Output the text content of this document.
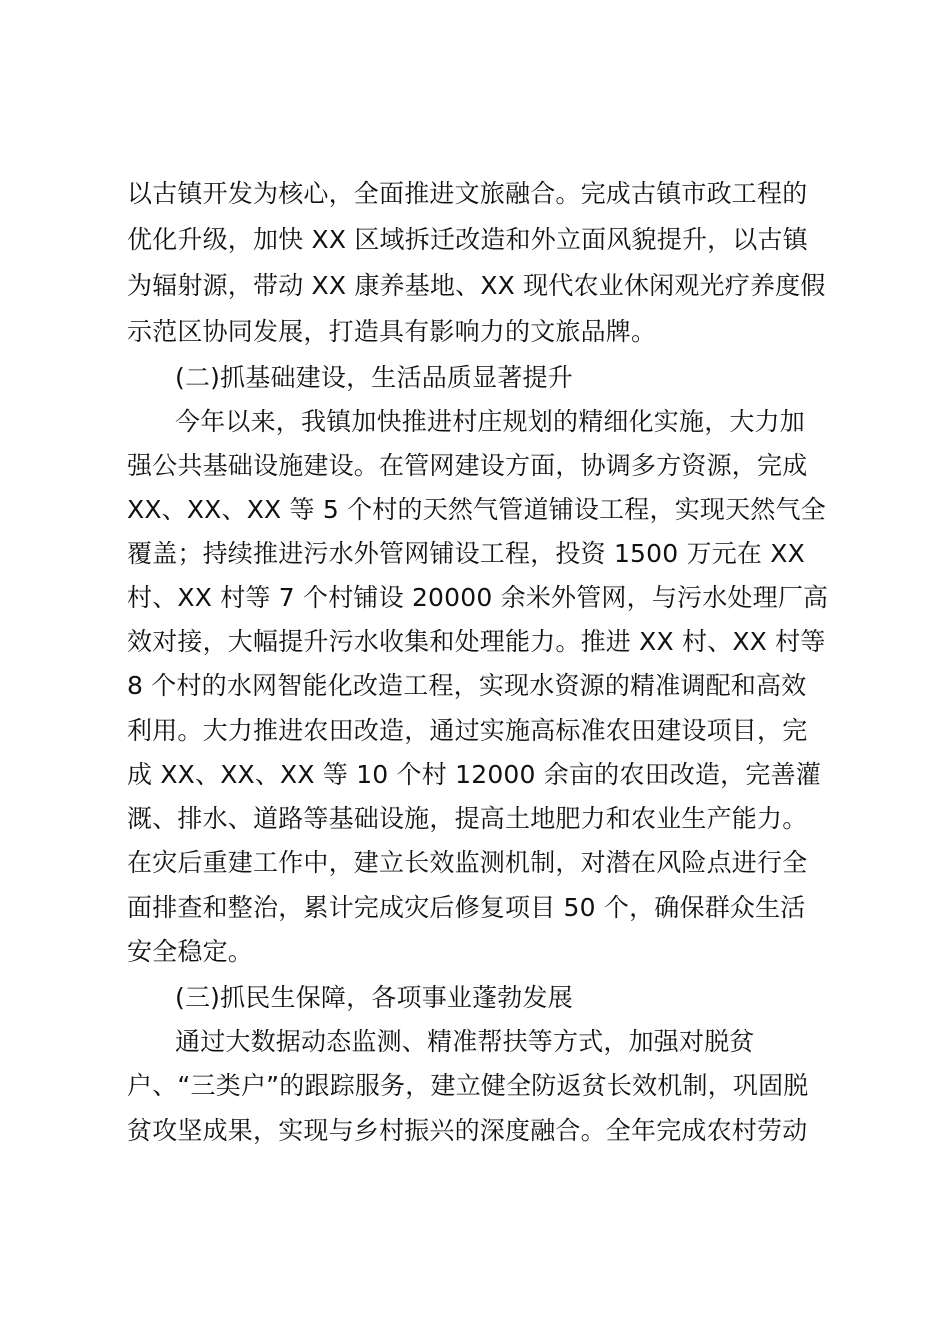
以古镇开发为核心，全面推进文旅融合。完成古镇市政工程的
优化升级，加快 XX 区域拆迁改造和外立面风貌提升，以古镇
为辐射源，带动 XX 康养基地、XX 现代农业休闲观光疗养度假
示范区协同发展，打造具有影响力的文旅品牌。
(二)抓基础建设，生活品质显著提升
今年以来，我镇加快推进村庄规划的精细化实施，大力加
强公共基础设施建设。在管网建设方面，协调多方资源，完成
XX、XX、XX 等 5 个村的天然气管道铺设工程，实现天然气全
覆盖；持续推进污水外管网铺设工程，投资 1500 万元在 XX
村、XX 村等 7 个村铺设 20000 余米外管网，与污水处理厂高
效对接，大幅提升污水收集和处理能力。推进 XX 村、XX 村等
8 个村的水网智能化改造工程，实现水资源的精准调配和高效
利用。大力推进农田改造，通过实施高标准农田建设项目，完
成 XX、XX、XX 等 10 个村 12000 余亩的农田改造，完善灌
溉、排水、道路等基础设施，提高土地肥力和农业生产能力。
在灾后重建工作中，建立长效监测机制，对潜在风险点进行全
面排查和整治，累计完成灾后修复项目 50 个，确保群众生活
安全稳定。
(三)抓民生保障，各项事业蓬勃发展
通过大数据动态监测、精准帮扶等方式，加强对脱贫
户、“三类户”的跟踪服务，建立健全防返贫长效机制，巩固脱
贫攻坚成果，实现与乡村振兴的深度融合。全年完成农村劳动
